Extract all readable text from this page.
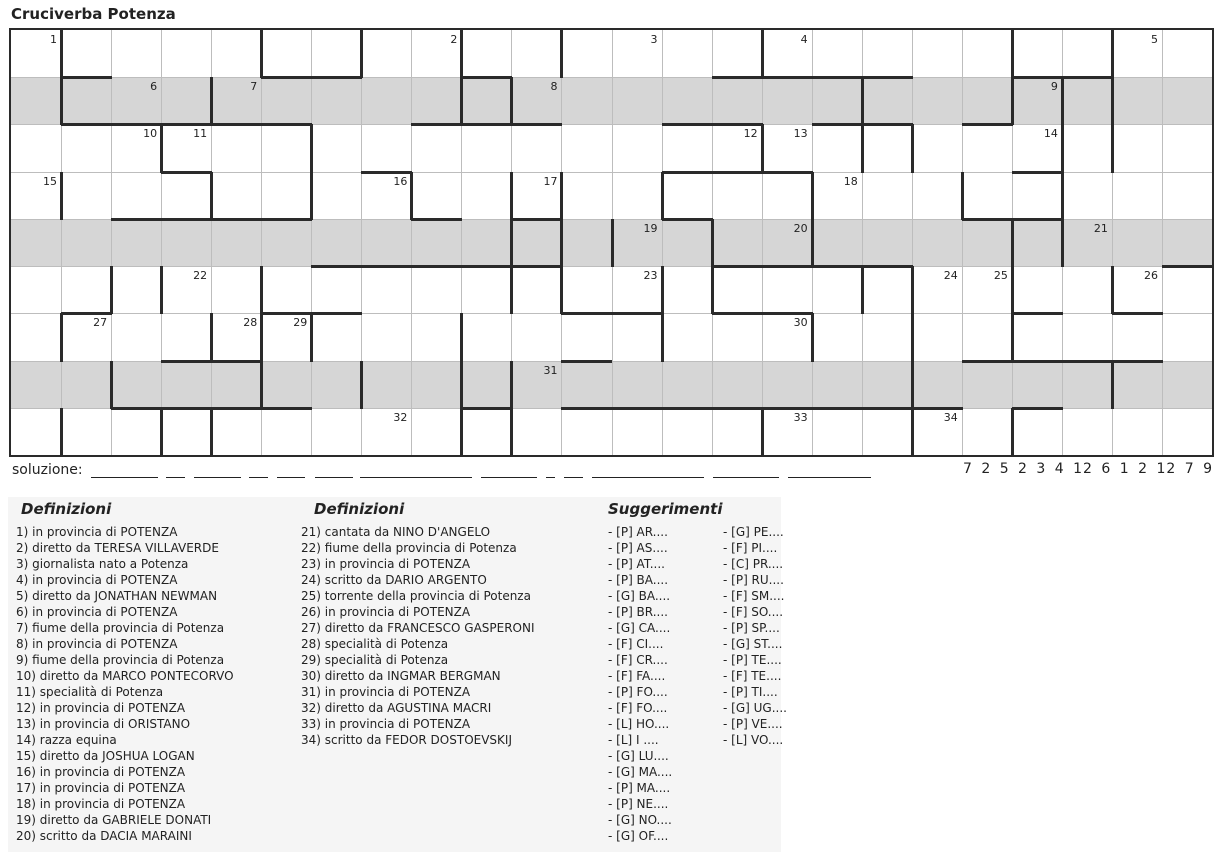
Cruciverba Potenza
1	2	3	4	5
6	7	8	9
10	11	12	13	14
15	16	17	18
19	20	21
22	23	24	25	26
27	28	29	30
31
32	33	34
soluzione:	7 2 5 2 3 4 12 6 1 2 12 7 9
Definizioni
1) in provincia di POTENZA
2) diretto da TERESA VILLAVERDE
3) giornalista nato a Potenza
4) in provincia di POTENZA
5) diretto da JONATHAN NEWMAN
6) in provincia di POTENZA
7) fiume della provincia di Potenza
8) in provincia di POTENZA
9) fiume della provincia di Potenza
10) diretto da MARCO PONTECORVO
11) specialità di Potenza
12) in provincia di POTENZA
13) in provincia di ORISTANO
14) razza equina
15) diretto da JOSHUA LOGAN
16) in provincia di POTENZA
17) in provincia di POTENZA
18) in provincia di POTENZA
19) diretto da GABRIELE DONATI
20) scritto da DACIA MARAINI
Definizioni
21) cantata da NINO D'ANGELO
22) fiume della provincia di Potenza
23) in provincia di POTENZA
24) scritto da DARIO ARGENTO
25) torrente della provincia di Potenza
26) in provincia di POTENZA
27) diretto da FRANCESCO GASPERONI
28) specialità di Potenza
29) specialità di Potenza
30) diretto da INGMAR BERGMAN
31) in provincia di POTENZA
32) diretto da AGUSTINA MACRI
33) in provincia di POTENZA
34) scritto da FEDOR DOSTOEVSKIJ
Suggerimenti
- [P] AR....
- [P] AS....
- [P] AT....
- [P] BA....
- [G] BA....
- [P] BR....
- [G] CA....
- [F] CI....
- [F] CR....
- [F] FA....
- [P] FO....
- [F] FO....
- [L] HO....
- [L] I ....
- [G] LU....
- [G] MA....
- [P] MA....
- [P] NE....
- [G] NO....
- [G] OF....
- [G] PE....
- [F] PI....
- [C] PR....
- [P] RU....
- [F] SM....
- [F] SO....
- [P] SP....
- [G] ST....
- [P] TE....
- [F] TE....
- [P] TI....
- [G] UG....
- [P] VE....
- [L] VO....
